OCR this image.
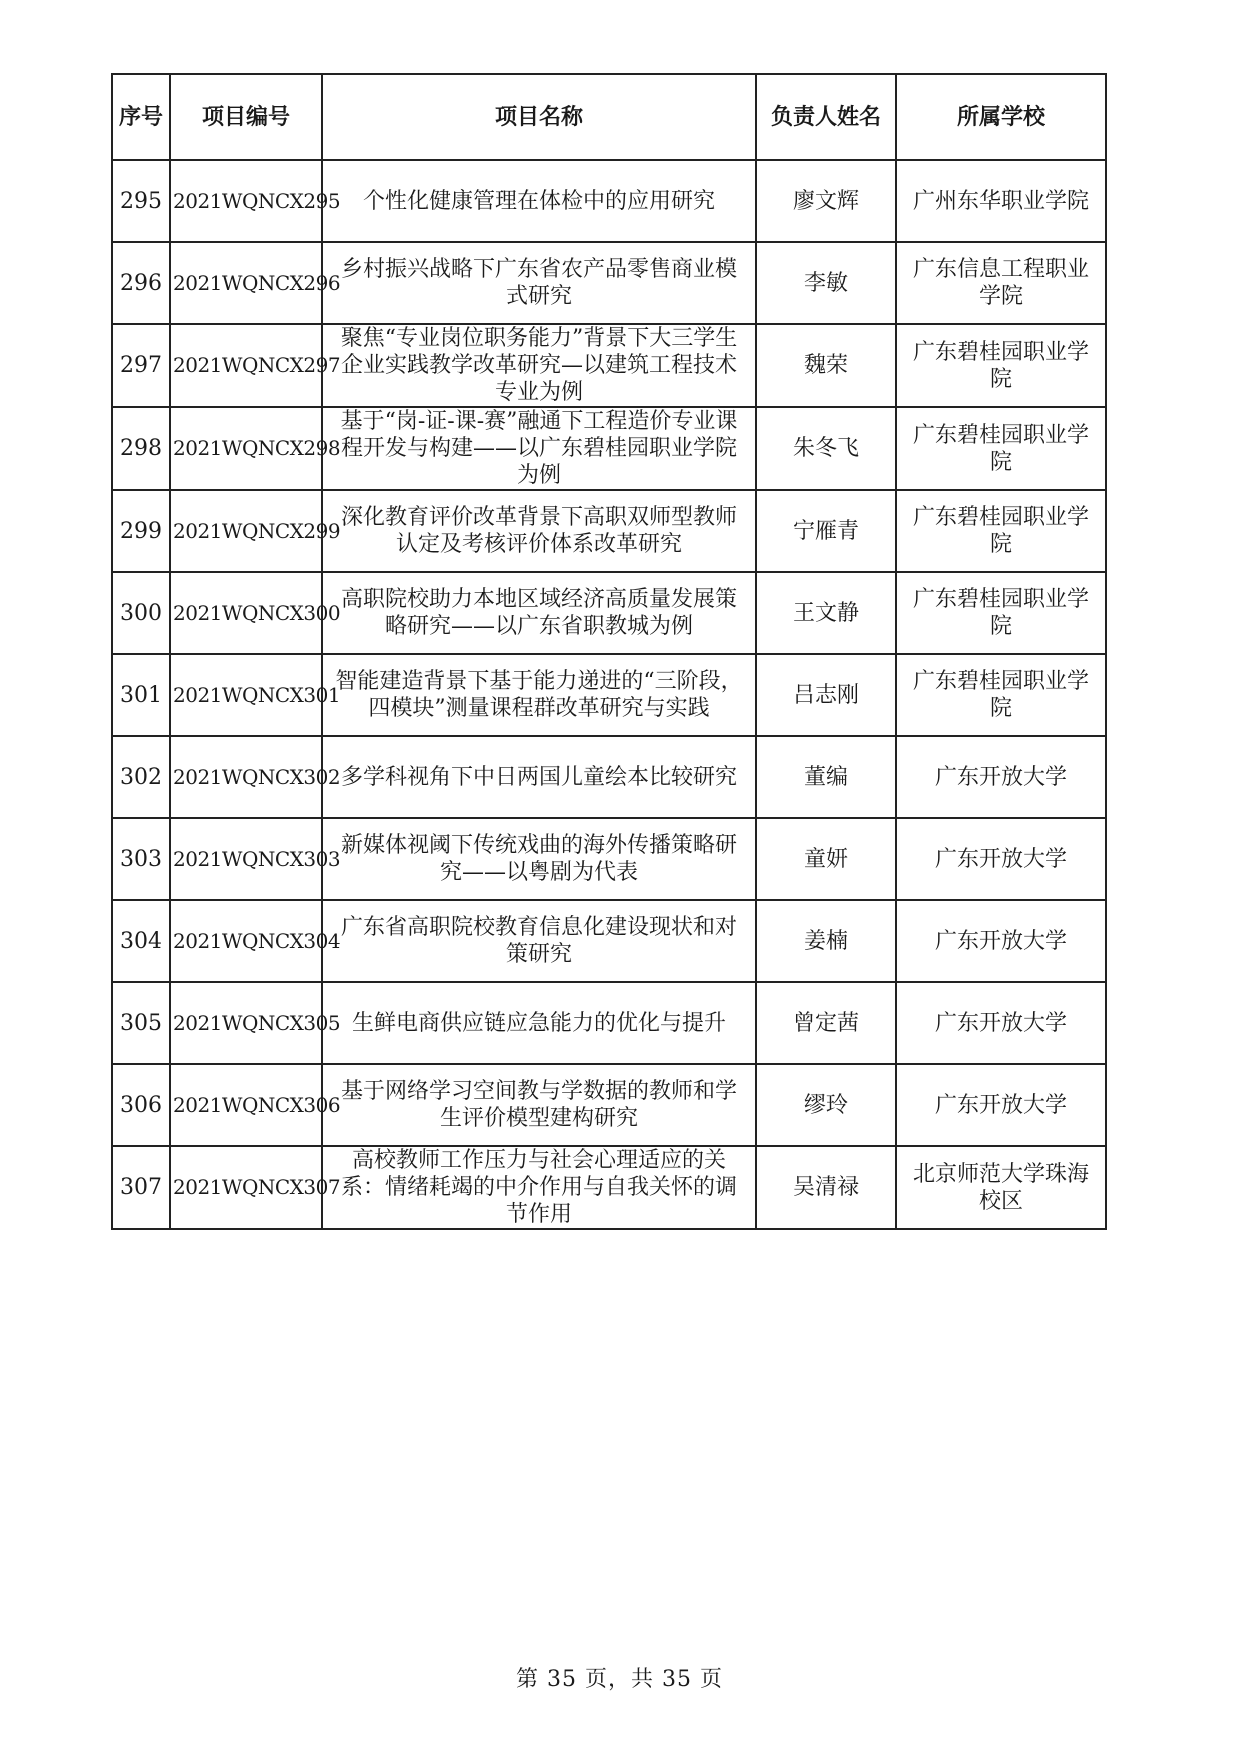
序号	项目编号	项目名称	负责人姓名	所属学校
295	2021WQNCX295	个性化健康管理在体检中的应用研究	廖文辉	广州东华职业学院
296	2021WQNCX296	乡村振兴战略下广东省农产品零售商业模式研究	李敏	广东信息工程职业学院
297	2021WQNCX297	聚焦“专业岗位职务能力”背景下大三学生企业实践教学改革研究—以建筑工程技术专业为例	魏荣	广东碧桂园职业学院
298	2021WQNCX298	基于“岗-证-课-赛”融通下工程造价专业课程开发与构建——以广东碧桂园职业学院为例	朱冬飞	广东碧桂园职业学院
299	2021WQNCX299	深化教育评价改革背景下高职双师型教师认定及考核评价体系改革研究	宁雁青	广东碧桂园职业学院
300	2021WQNCX300	高职院校助力本地区域经济高质量发展策略研究——以广东省职教城为例	王文静	广东碧桂园职业学院
301	2021WQNCX301	智能建造背景下基于能力递进的“三阶段，四模块”测量课程群改革研究与实践	吕志刚	广东碧桂园职业学院
302	2021WQNCX302	多学科视角下中日两国儿童绘本比较研究	董编	广东开放大学
303	2021WQNCX303	新媒体视阈下传统戏曲的海外传播策略研究——以粤剧为代表	童妍	广东开放大学
304	2021WQNCX304	广东省高职院校教育信息化建设现状和对策研究	姜楠	广东开放大学
305	2021WQNCX305	生鲜电商供应链应急能力的优化与提升	曾定茜	广东开放大学
306	2021WQNCX306	基于网络学习空间教与学数据的教师和学生评价模型建构研究	缪玲	广东开放大学
307	2021WQNCX307	高校教师工作压力与社会心理适应的关系：情绪耗竭的中介作用与自我关怀的调节作用	吴清禄	北京师范大学珠海校区
第 35 页，共 35 页
